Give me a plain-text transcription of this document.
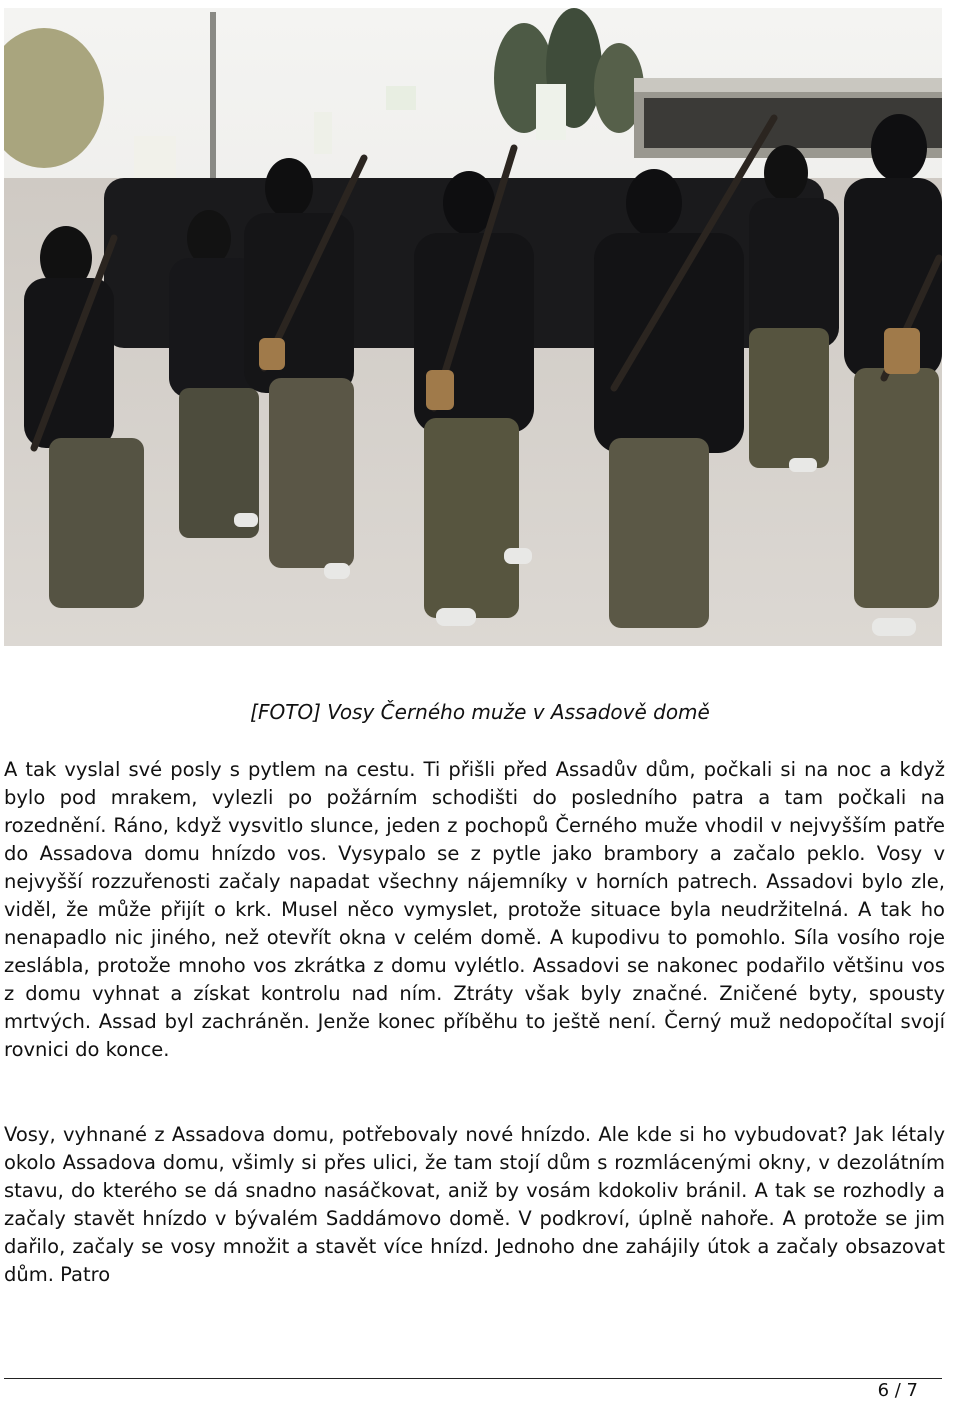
[FOTO] Vosy Černého muže v Assadově domě

A tak vyslal své posly s pytlem na cestu. Ti přišli před Assadův dům, počkali si na noc a když bylo pod mrakem, vylezli po požárním schodišti do posledního patra a tam počkali na rozednění. Ráno, když vysvitlo slunce, jeden z pochopů Černého muže vhodil v nejvyšším patře do Assadova domu hnízdo vos. Vysypalo se z pytle jako brambory a začalo peklo. Vosy v nejvyšší rozzuřenosti začaly napadat všechny nájemníky v horních patrech. Assadovi bylo zle, viděl, že může přijít o krk. Musel něco vymyslet, protože situace byla neudržitelná. A tak ho nenapadlo nic jiného, než otevřít okna v celém domě. A kupodivu to pomohlo. Síla vosího roje zeslábla, protože mnoho vos zkrátka z domu vylétlo. Assadovi se nakonec podařilo většinu vos z domu vyhnat a získat kontrolu nad ním. Ztráty však byly značné. Zničené byty, spousty mrtvých. Assad byl zachráněn. Jenže konec příběhu to ještě není. Černý muž nedopočítal svojí rovnici do konce.

Vosy, vyhnané z Assadova domu, potřebovaly nové hnízdo. Ale kde si ho vybudovat? Jak létaly okolo Assadova domu, všimly si přes ulici, že tam stojí dům s rozmlácenými okny, v dezolátním stavu, do kterého se dá snadno nasáčkovat, aniž by vosám kdokoliv bránil. A tak se rozhodly a začaly stavět hnízdo v bývalém Saddámovo domě. V podkroví, úplně nahoře. A protože se jim dařilo, začaly se vosy množit a stavět více hnízd. Jednoho dne zahájily útok a začaly obsazovat dům. Patro

6 / 7
